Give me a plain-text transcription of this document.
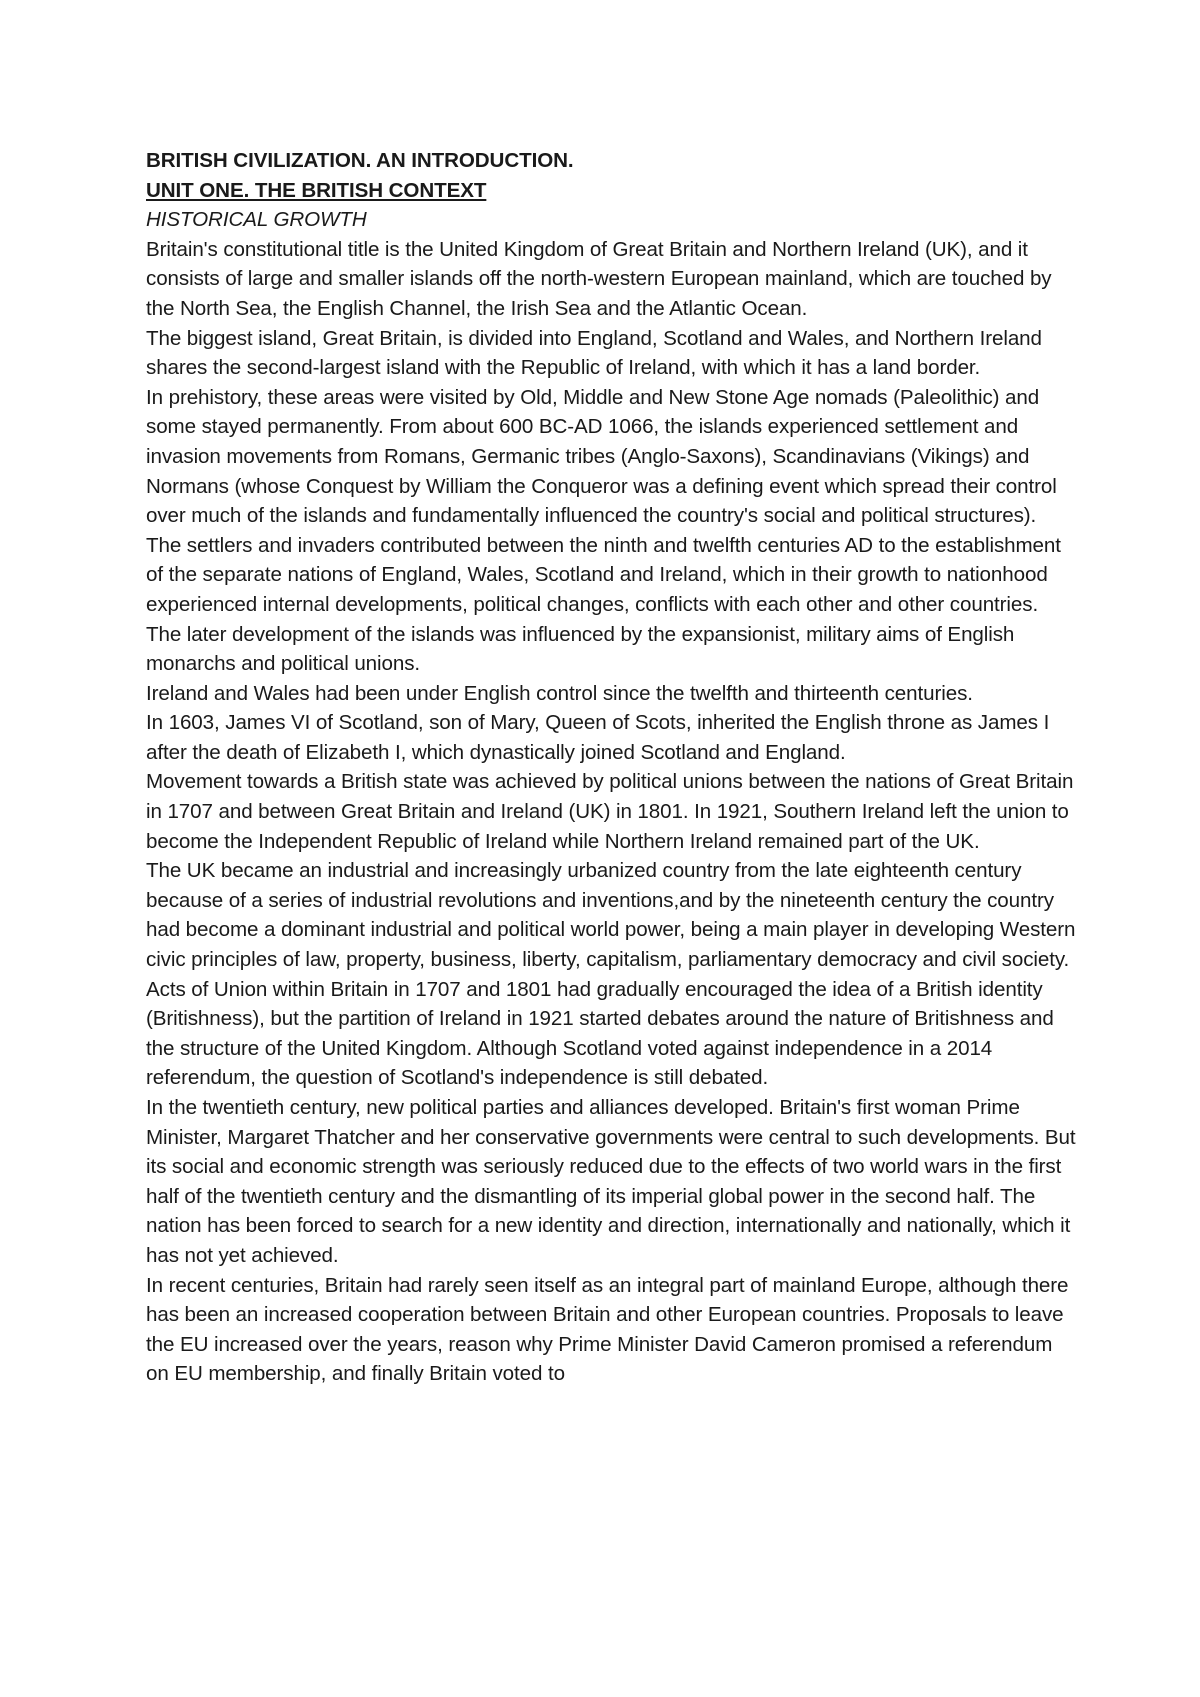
BRITISH CIVILIZATION. AN INTRODUCTION.
UNIT ONE. THE BRITISH CONTEXT
HISTORICAL GROWTH

Britain's constitutional title is the United Kingdom of Great Britain and Northern Ireland (UK), and it consists of large and smaller islands off the north-western European mainland, which are touched by the North Sea, the English Channel, the Irish Sea and the Atlantic Ocean.

The biggest island, Great Britain, is divided into England, Scotland and Wales, and Northern Ireland shares the second-largest island with the Republic of Ireland, with which it has a land border.

In prehistory, these areas were visited by Old, Middle and New Stone Age nomads (Paleolithic) and some stayed permanently. From about 600 BC-AD 1066, the islands experienced settlement and invasion movements from Romans, Germanic tribes (Anglo-Saxons), Scandinavians (Vikings) and Normans (whose Conquest by William the Conqueror was a defining event which spread their control over much of the islands and fundamentally influenced the country's social and political structures).

The settlers and invaders contributed between the ninth and twelfth centuries AD to the establishment of the separate nations of England, Wales, Scotland and Ireland, which in their growth to nationhood experienced internal developments, political changes, conflicts with each other and other countries.

The later development of the islands was influenced by the expansionist, military aims of English monarchs and political unions.

Ireland and Wales had been under English control since the twelfth and thirteenth centuries.

In 1603, James VI of Scotland, son of Mary, Queen of Scots, inherited the English throne as James I after the death of Elizabeth I, which dynastically joined Scotland and England.

Movement towards a British state was achieved by political unions between the nations of Great Britain in 1707 and between Great Britain and Ireland (UK) in 1801. In 1921, Southern Ireland left the union to become the Independent Republic of Ireland while Northern Ireland remained part of the UK.

The UK became an industrial and increasingly urbanized country from the late eighteenth century because of a series of industrial revolutions and inventions,and by the nineteenth century the country had become a dominant industrial and political world power, being a main player in developing Western civic principles of law, property, business, liberty, capitalism, parliamentary democracy and civil society.

Acts of Union within Britain in 1707 and 1801 had gradually encouraged the idea of a British identity (Britishness), but the partition of Ireland in 1921 started debates around the nature of Britishness and the structure of the United Kingdom. Although Scotland voted against independence in a 2014 referendum, the question of Scotland's independence is still debated.

In the twentieth century, new political parties and alliances developed. Britain's first woman Prime Minister, Margaret Thatcher and her conservative governments were central to such developments. But its social and economic strength was seriously reduced due to the effects of two world wars in the first half of the twentieth century and the dismantling of its imperial global power in the second half. The nation has been forced to search for a new identity and direction, internationally and nationally, which it has not yet achieved.

In recent centuries, Britain had rarely seen itself as an integral part of mainland Europe, although there has been an increased cooperation between Britain and other European countries. Proposals to leave the EU increased over the years, reason why Prime Minister David Cameron promised a referendum on EU membership, and finally Britain voted to
